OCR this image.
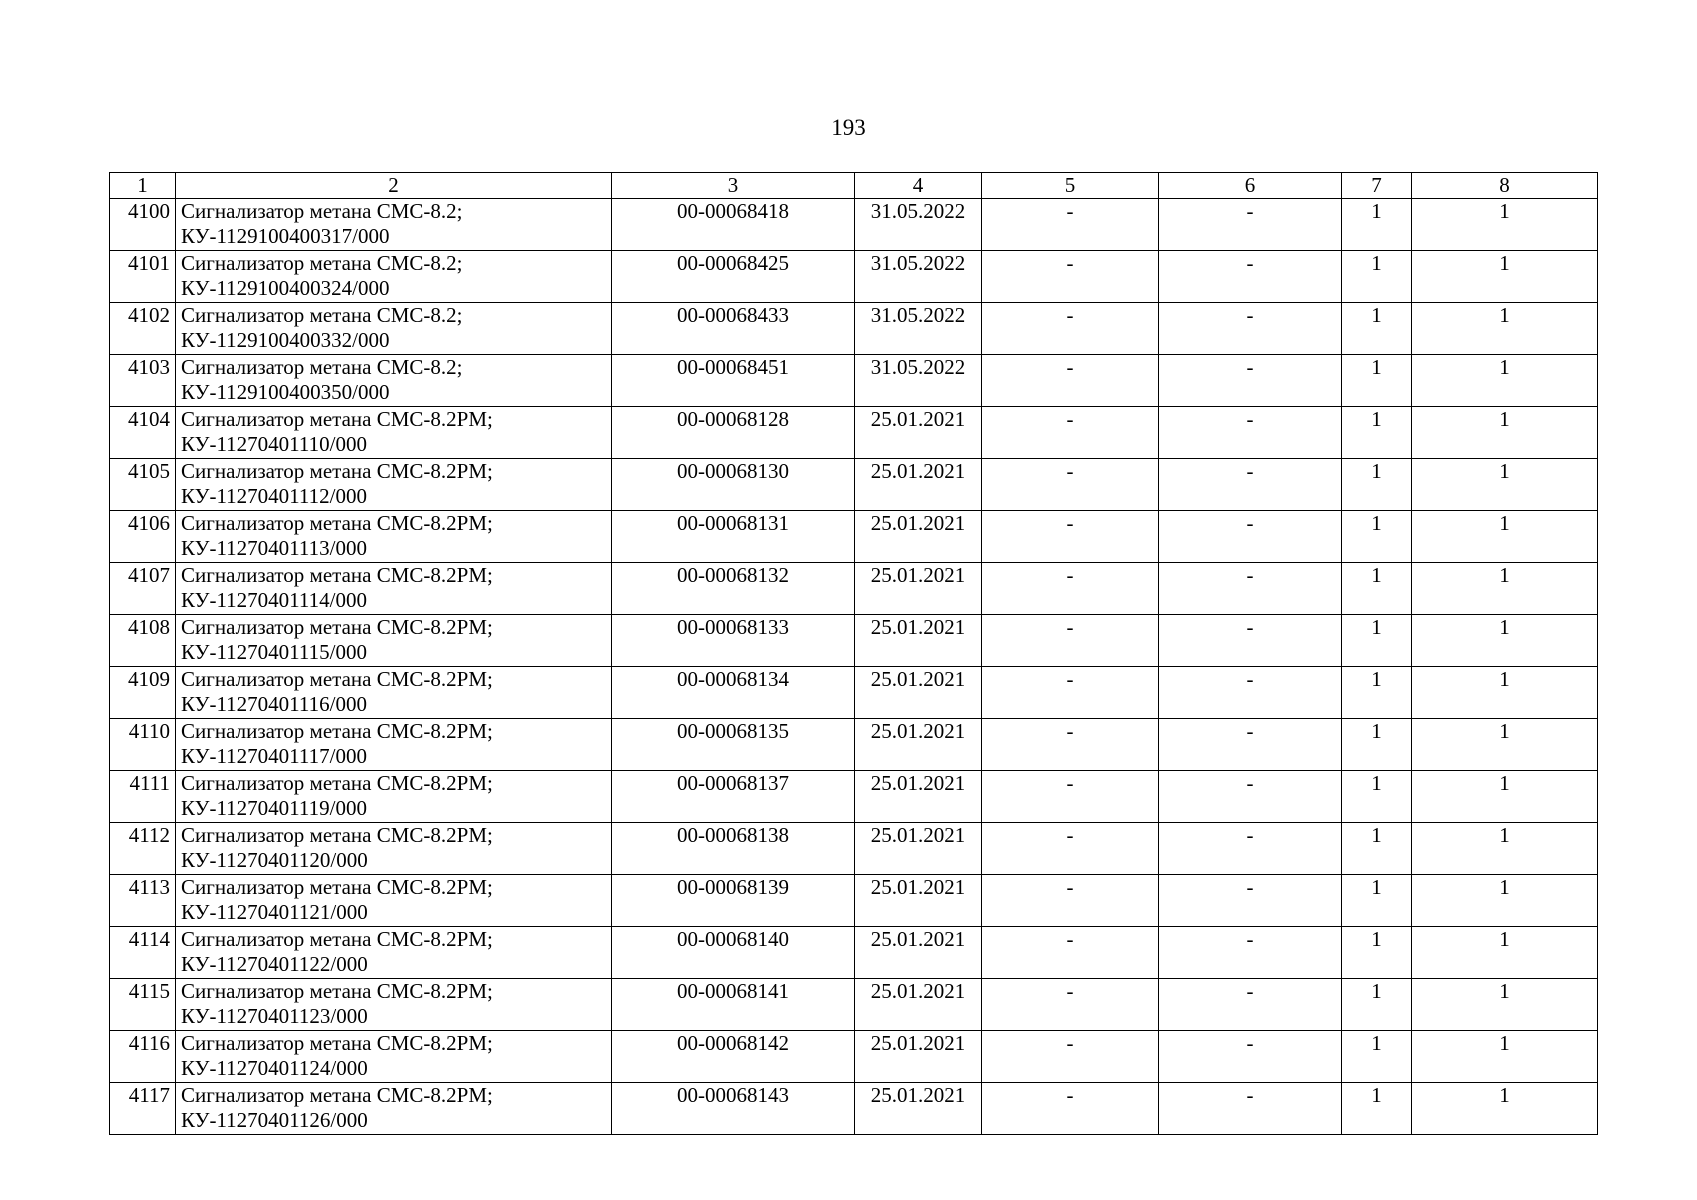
193
1	2	3	4	5	6	7	8
4100	Сигнализатор метана СМС-8.2;
КУ-1129100400317/000	00-00068418	31.05.2022	-	-	1	1
4101	Сигнализатор метана СМС-8.2;
КУ-1129100400324/000	00-00068425	31.05.2022	-	-	1	1
4102	Сигнализатор метана СМС-8.2;
КУ-1129100400332/000	00-00068433	31.05.2022	-	-	1	1
4103	Сигнализатор метана СМС-8.2;
КУ-1129100400350/000	00-00068451	31.05.2022	-	-	1	1
4104	Сигнализатор метана СМС-8.2РМ;
КУ-11270401110/000	00-00068128	25.01.2021	-	-	1	1
4105	Сигнализатор метана СМС-8.2РМ;
КУ-11270401112/000	00-00068130	25.01.2021	-	-	1	1
4106	Сигнализатор метана СМС-8.2РМ;
КУ-11270401113/000	00-00068131	25.01.2021	-	-	1	1
4107	Сигнализатор метана СМС-8.2РМ;
КУ-11270401114/000	00-00068132	25.01.2021	-	-	1	1
4108	Сигнализатор метана СМС-8.2РМ;
КУ-11270401115/000	00-00068133	25.01.2021	-	-	1	1
4109	Сигнализатор метана СМС-8.2РМ;
КУ-11270401116/000	00-00068134	25.01.2021	-	-	1	1
4110	Сигнализатор метана СМС-8.2РМ;
КУ-11270401117/000	00-00068135	25.01.2021	-	-	1	1
4111	Сигнализатор метана СМС-8.2РМ;
КУ-11270401119/000	00-00068137	25.01.2021	-	-	1	1
4112	Сигнализатор метана СМС-8.2РМ;
КУ-11270401120/000	00-00068138	25.01.2021	-	-	1	1
4113	Сигнализатор метана СМС-8.2РМ;
КУ-11270401121/000	00-00068139	25.01.2021	-	-	1	1
4114	Сигнализатор метана СМС-8.2РМ;
КУ-11270401122/000	00-00068140	25.01.2021	-	-	1	1
4115	Сигнализатор метана СМС-8.2РМ;
КУ-11270401123/000	00-00068141	25.01.2021	-	-	1	1
4116	Сигнализатор метана СМС-8.2РМ;
КУ-11270401124/000	00-00068142	25.01.2021	-	-	1	1
4117	Сигнализатор метана СМС-8.2РМ;
КУ-11270401126/000	00-00068143	25.01.2021	-	-	1	1
